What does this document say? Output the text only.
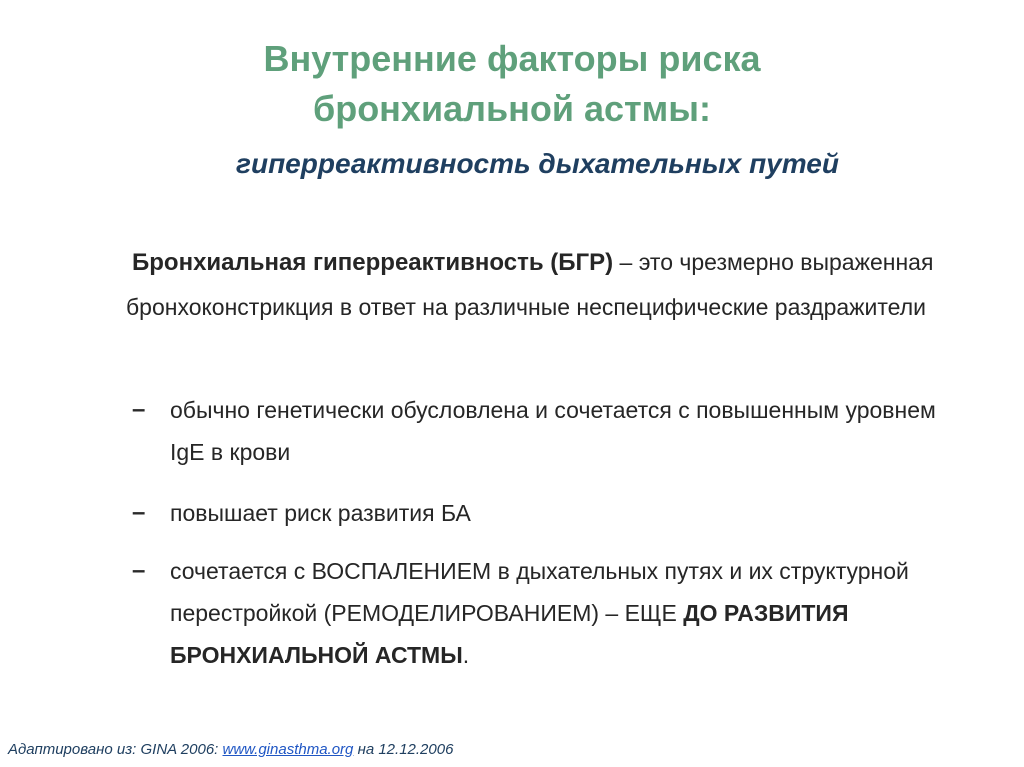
Внутренние факторы риска
бронхиальной астмы:
гиперреактивность дыхательных путей
Бронхиальная гиперреактивность (БГР) – это чрезмерно выраженная бронхоконстрикция в ответ на различные неспецифические раздражители
– обычно генетически обусловлена и сочетается с повышенным уровнем IgE в крови
– повышает риск развития БА
– сочетается с ВОСПАЛЕНИЕМ в дыхательных путях и их структурной перестройкой (РЕМОДЕЛИРОВАНИЕМ) – ЕЩЕ ДО РАЗВИТИЯ БРОНХИАЛЬНОЙ АСТМЫ.
Адаптировано из: GINA 2006: www.ginasthma.org на 12.12.2006
